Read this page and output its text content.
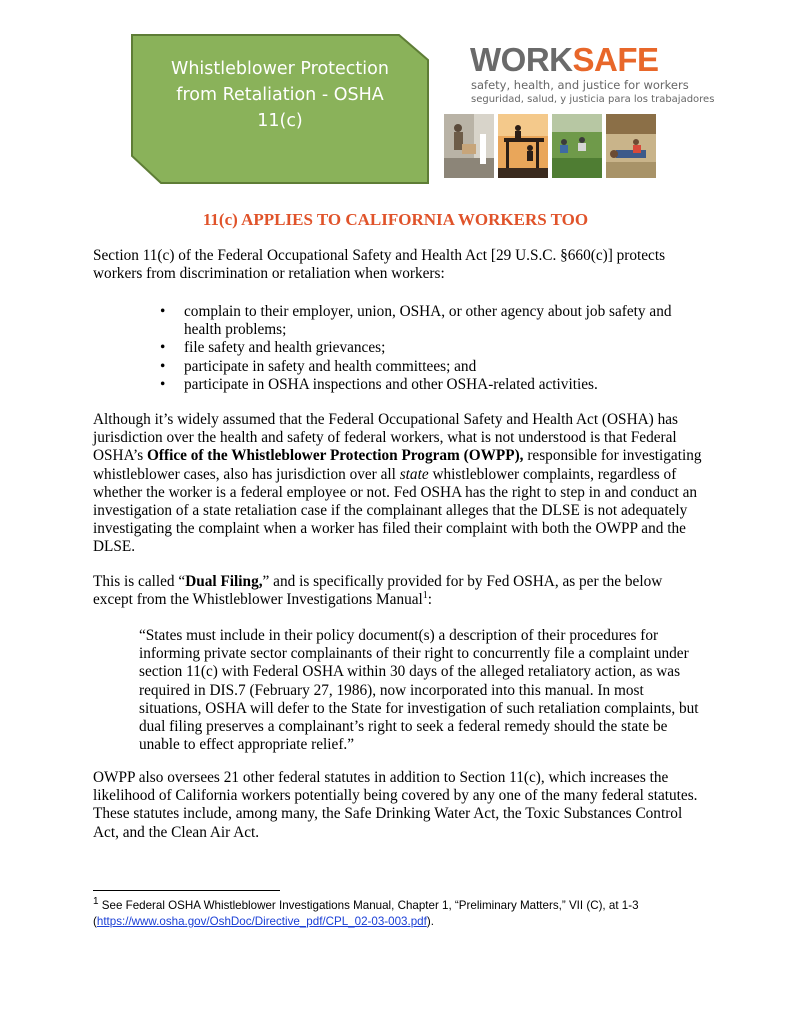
Whistleblower Protection
from Retaliation - OSHA
11(c)
WORKSAFE
safety, health, and justice for workers
seguridad, salud, y justicia para los trabajadores
11(c) APPLIES TO CALIFORNIA WORKERS TOO
Section 11(c) of the Federal Occupational Safety and Health Act [29 U.S.C. §660(c)] protects workers from discrimination or retaliation when workers:
• complain to their employer, union, OSHA, or other agency about job safety and health problems;
• file safety and health grievances;
• participate in safety and health committees; and
• participate in OSHA inspections and other OSHA-related activities.
Although it’s widely assumed that the Federal Occupational Safety and Health Act (OSHA) has jurisdiction over the health and safety of federal workers, what is not understood is that Federal OSHA’s Office of the Whistleblower Protection Program (OWPP), responsible for investigating whistleblower cases, also has jurisdiction over all state whistleblower complaints, regardless of whether the worker is a federal employee or not. Fed OSHA has the right to step in and conduct an investigation of a state retaliation case if the complainant alleges that the DLSE is not adequately investigating the complaint when a worker has filed their complaint with both the OWPP and the DLSE.
This is called “Dual Filing,” and is specifically provided for by Fed OSHA, as per the below except from the Whistleblower Investigations Manual$^1$:
“States must include in their policy document(s) a description of their procedures for informing private sector complainants of their right to concurrently file a complaint under section 11(c) with Federal OSHA within 30 days of the alleged retaliatory action, as was required in DIS.7 (February 27, 1986), now incorporated into this manual. In most situations, OSHA will defer to the State for investigation of such retaliation complaints, but dual filing preserves a complainant’s right to seek a federal remedy should the state be unable to effect appropriate relief.”
OWPP also oversees 21 other federal statutes in addition to Section 11(c), which increases the likelihood of California workers potentially being covered by any one of the many federal statutes. These statutes include, among many, the Safe Drinking Water Act, the Toxic Substances Control Act, and the Clean Air Act.
$^1$ See Federal OSHA Whistleblower Investigations Manual, Chapter 1, “Preliminary Matters,” VII (C), at 1-3 (https://www.osha.gov/OshDoc/Directive_pdf/CPL_02-03-003.pdf).
